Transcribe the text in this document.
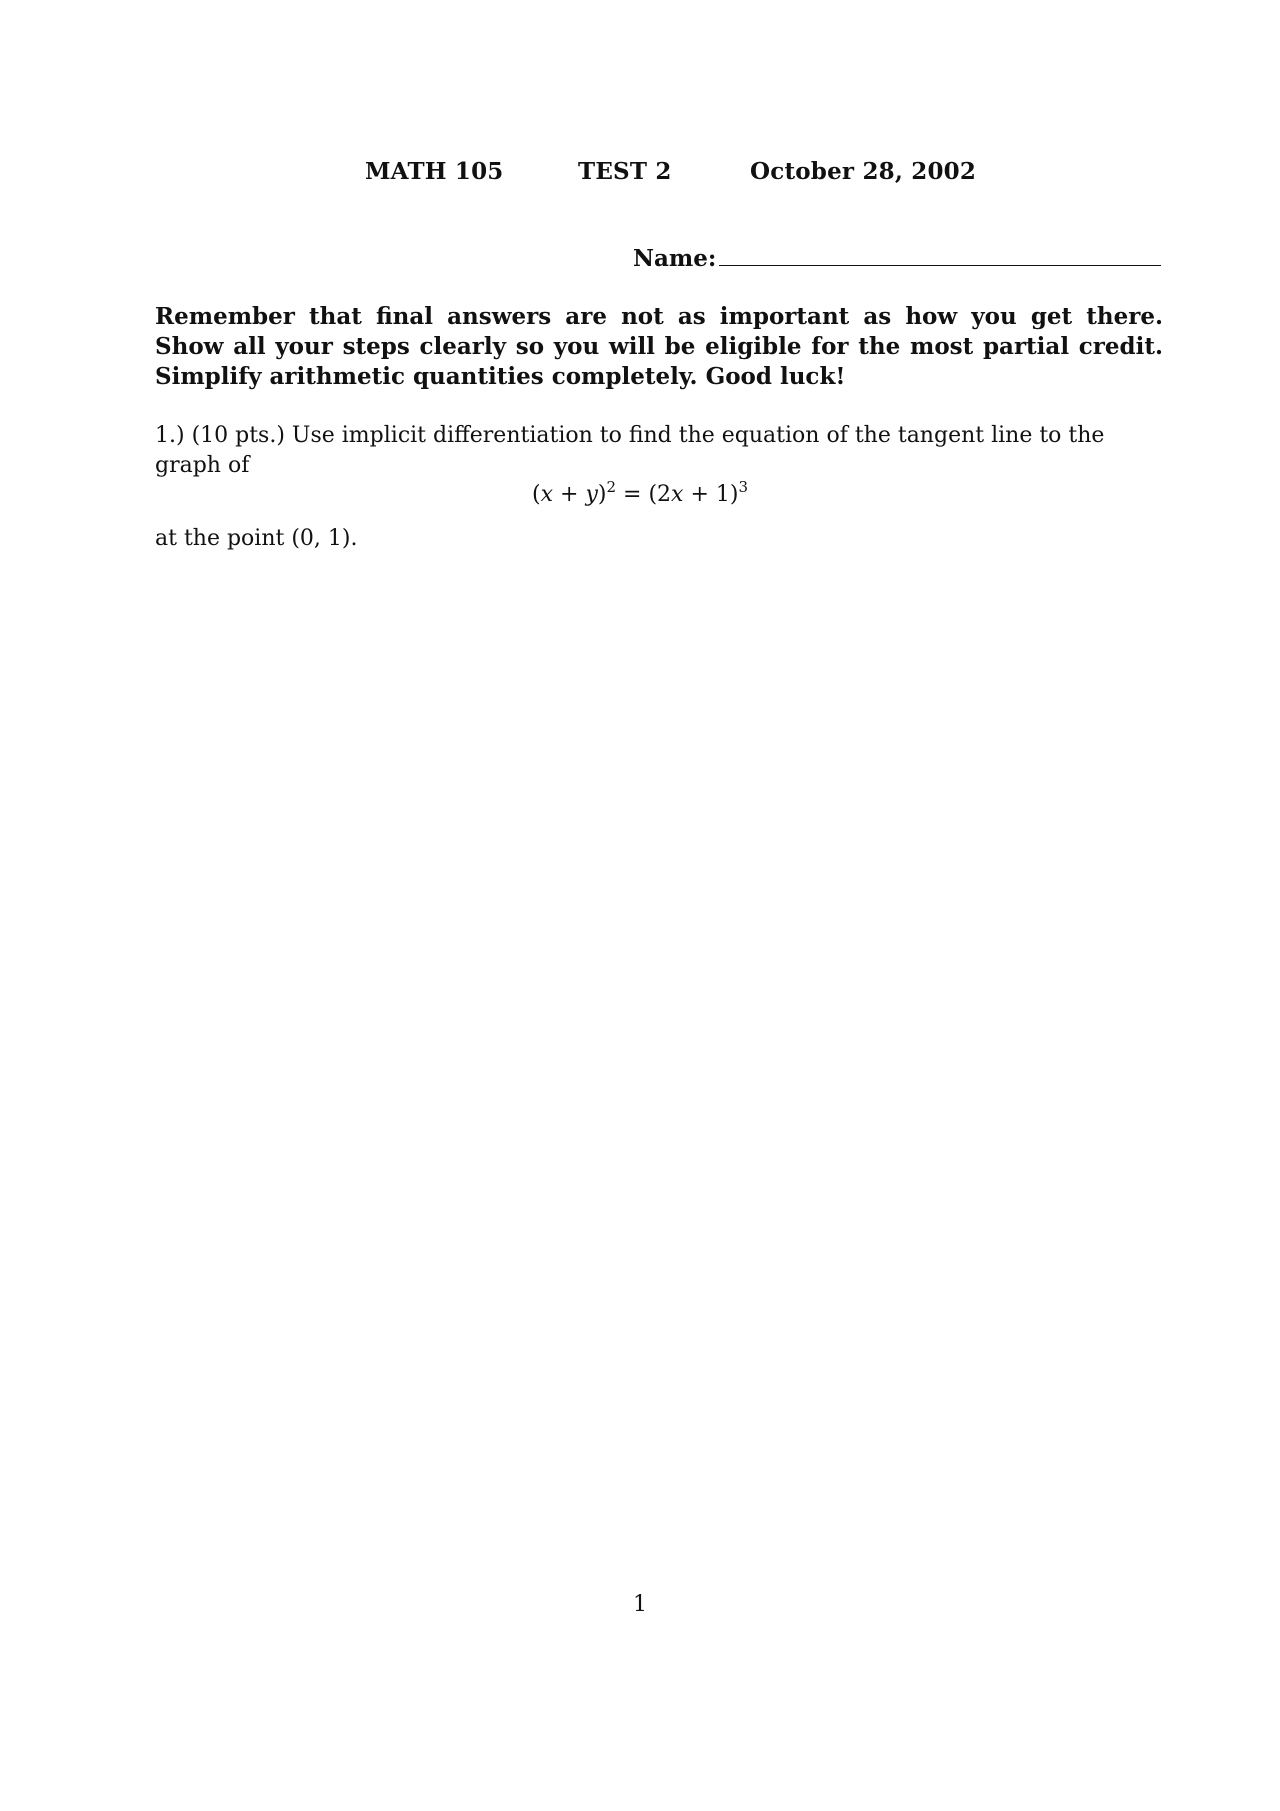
MATH 105	TEST 2	October 28, 2002
Name:
Remember that final answers are not as important as how you get there. Show all your steps clearly so you will be eligible for the most partial credit. Simplify arithmetic quantities completely. Good luck!
1.) (10 pts.) Use implicit differentiation to find the equation of the tangent line to the graph of
$(x + y)^2 = (2x + 1)^3$
at the point (0, 1).
1
